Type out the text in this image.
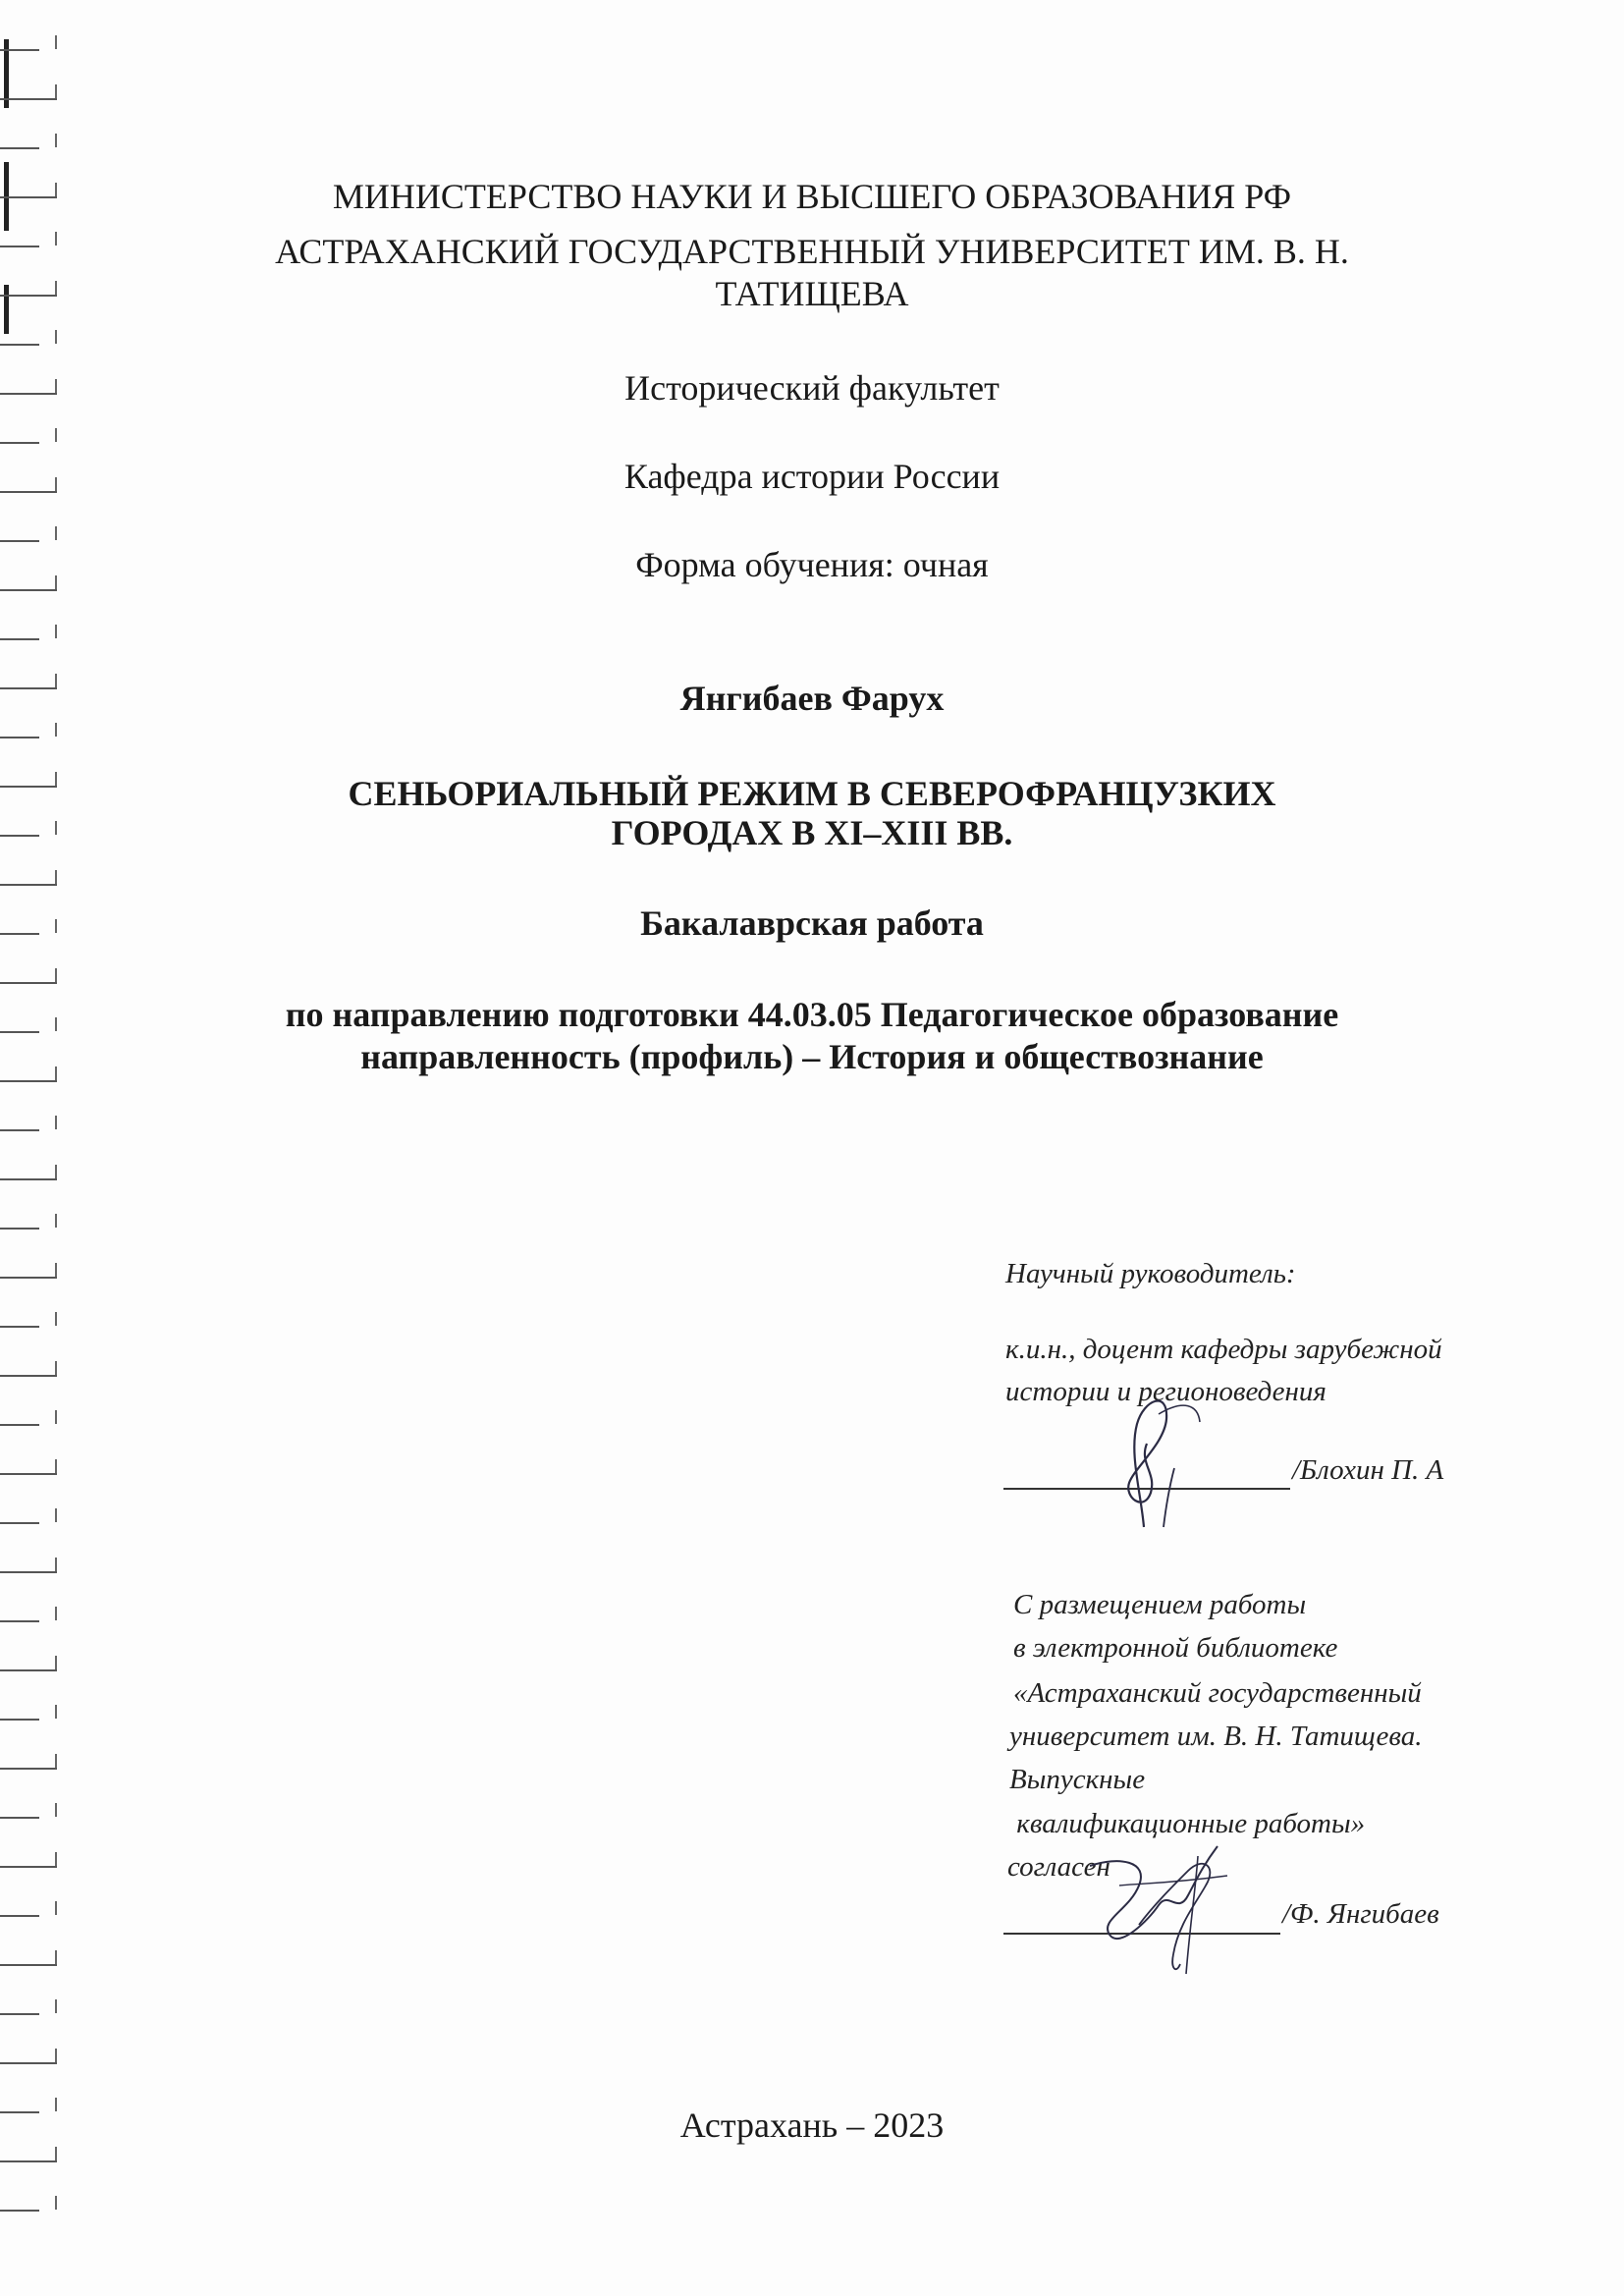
МИНИСТЕРСТВО НАУКИ И ВЫСШЕГО ОБРАЗОВАНИЯ РФ
АСТРАХАНСКИЙ ГОСУДАРСТВЕННЫЙ УНИВЕРСИТЕТ ИМ. В. Н.
ТАТИЩЕВА
Исторический факультет
Кафедра истории России
Форма обучения: очная
Янгибаев Фарух
СЕНЬОРИАЛЬНЫЙ РЕЖИМ В СЕВЕРОФРАНЦУЗКИХ
ГОРОДАХ В XI–XIII ВВ.
Бакалаврская работа
по направлению подготовки 44.03.05 Педагогическое образование
направленность (профиль) – История и обществознание
Научный руководитель:
к.и.н., доцент кафедры зарубежной
истории и регионоведения
/Блохин П. А
С размещением работы
в электронной библиотеке
«Астраханский государственный
университет им. В. Н. Татищева.
Выпускные
квалификационные работы»
согласен
/Ф. Янгибаев
Астрахань – 2023
